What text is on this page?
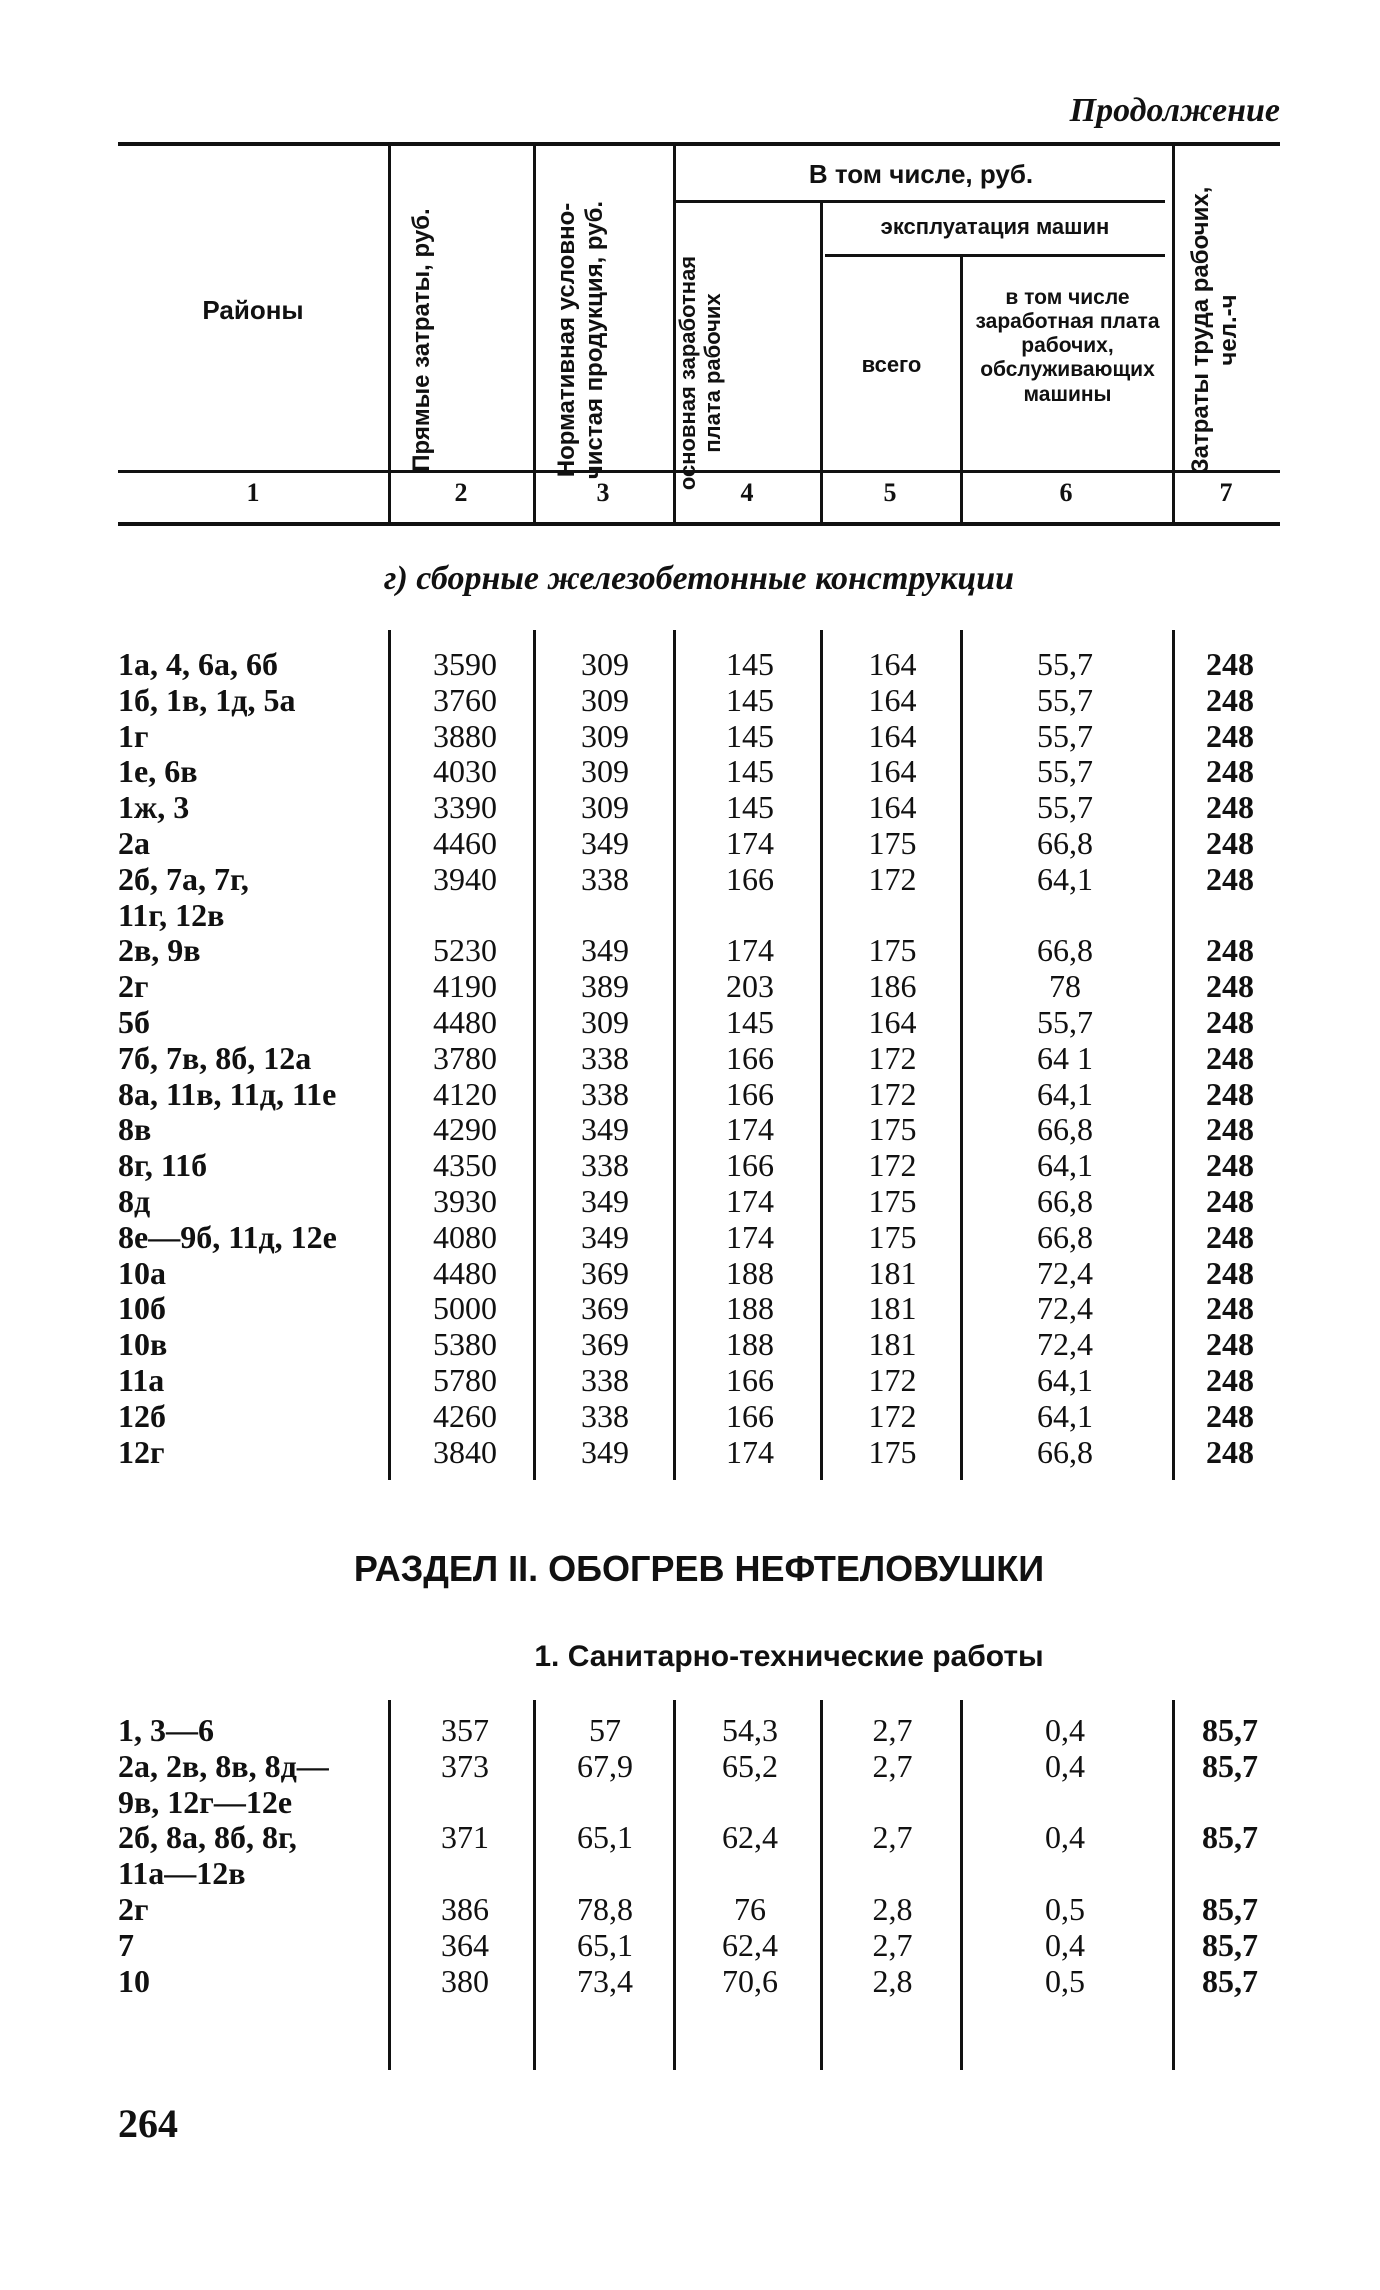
Продолжение
Районы	Прямые затраты, руб.	Нормативная условно-чистая продукция, руб.
В том числе, руб.
основная заработная плата рабочих
эксплуатация машин
всего
в том числе заработная плата рабочих, обслуживающих машины	Затраты труда рабочих, чел.-ч
1	2	3	4	5	6	7
г) сборные железобетонные конструкции
1а, 4, 6а, 6б	3590	309	145	164	55,7	248
1б, 1в, 1д, 5а	3760	309	145	164	55,7	248
1г	3880	309	145	164	55,7	248
1е, 6в	4030	309	145	164	55,7	248
1ж, 3	3390	309	145	164	55,7	248
2а	4460	349	174	175	66,8	248
2б, 7а, 7г,	3940	338	166	172	64,1	248
11г, 12в
2в, 9в	5230	349	174	175	66,8	248
2г	4190	389	203	186	78	248
5б	4480	309	145	164	55,7	248
7б, 7в, 8б, 12а	3780	338	166	172	64 1	248
8а, 11в, 11д, 11е	4120	338	166	172	64,1	248
8в	4290	349	174	175	66,8	248
8г, 11б	4350	338	166	172	64,1	248
8д	3930	349	174	175	66,8	248
8е—9б, 11д, 12е	4080	349	174	175	66,8	248
10а	4480	369	188	181	72,4	248
10б	5000	369	188	181	72,4	248
10в	5380	369	188	181	72,4	248
11а	5780	338	166	172	64,1	248
12б	4260	338	166	172	64,1	248
12г	3840	349	174	175	66,8	248
РАЗДЕЛ II. ОБОГРЕВ НЕФТЕЛОВУШКИ
1. Санитарно-технические работы
1, 3—6	357	57	54,3	2,7	0,4	85,7
2а, 2в, 8в, 8д—	373	67,9	65,2	2,7	0,4	85,7
9в, 12г—12е
2б, 8а, 8б, 8г,	371	65,1	62,4	2,7	0,4	85,7
11а—12в
2г	386	78,8	76	2,8	0,5	85,7
7	364	65,1	62,4	2,7	0,4	85,7
10	380	73,4	70,6	2,8	0,5	85,7
264
